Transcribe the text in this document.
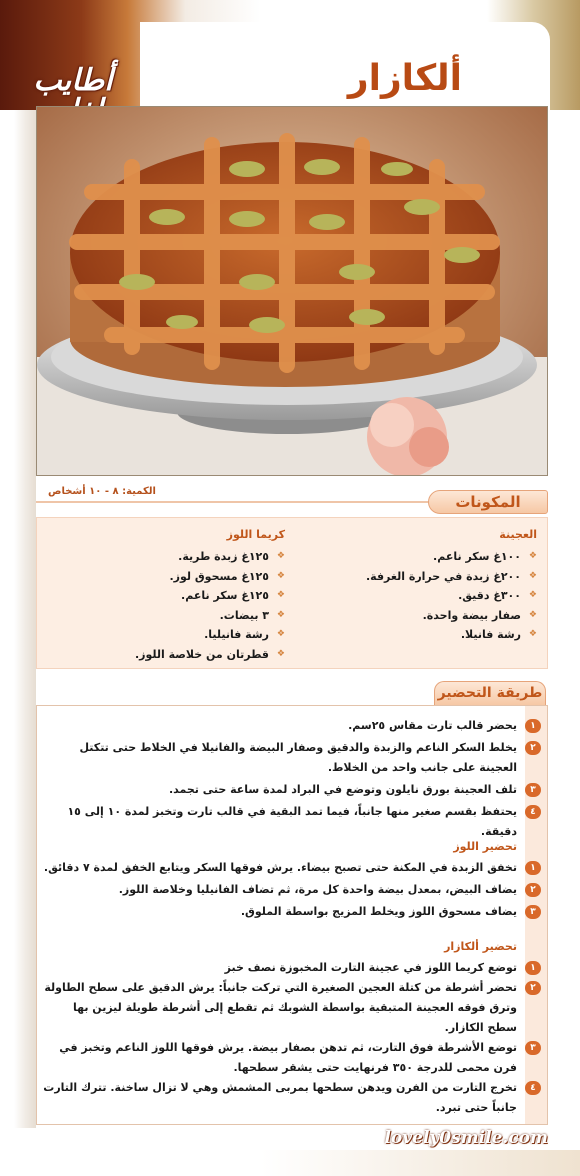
أطايب	ألكازار
الكمية: ٨ - ١٠ أشخاص
المكونات
العجينة
❖
١٠٠غ سكر ناعم.
❖
٢٠٠غ زبدة في حرارة الغرفة.
❖
٣٠٠غ دقيق.
❖
صفار بيضة واحدة.
❖
رشة فانيلا.
كريما اللوز
❖
١٢٥غ زبدة طرية.
❖
١٢٥غ مسحوق لوز.
❖
١٢٥غ سكر ناعم.
❖
٣ بيضات.
❖
رشة فانيليا.
❖
قطرتان من خلاصة اللوز.
طريقة التحضير
١
يحضر قالب تارت مقاس ٢٥سم.
٢
يخلط السكر الناعم والزبدة والدقيق وصفار البيضة والفانيلا في الخلاط حتى تتكتل العجينة على جانب واحد من الخلاط.
٣
تلف العجينة بورق نايلون وتوضع في البراد لمدة ساعة حتى تجمد.
٤
يحتفظ بقسم صغير منها جانباً، فيما تمد البقية في قالب تارت وتخبز لمدة ١٠ إلى ١٥ دقيقة.
تحضير اللوز
١
تخفق الزبدة في المكنة حتى تصبح بيضاء. يرش فوقها السكر ويتابع الخفق لمدة ٧ دقائق.
٢
يضاف البيض، بمعدل بيضة واحدة كل مرة، ثم تضاف الفانيليا وخلاصة اللوز.
٣
يضاف مسحوق اللوز ويخلط المزيج بواسطة الملوق.
تحضير ألكازار
١
توضع كريما اللوز في عجينة التارت المخبوزة نصف خبز
٢
تحضر أشرطة من كتلة العجين الصغيرة التي تركت جانباً: يرش الدقيق على سطح الطاولة وترق فوقه العجينة المتبقية بواسطة الشوبك ثم تقطع إلى أشرطة طويلة ليزين بها سطح الكازار.
٣
توضع الأشرطة فوق التارت، ثم تدهن بصفار بيضة. يرش فوقها اللوز الناعم وتخبز في فرن محمى للدرجة ٣٥٠ فرنهايت حتى يشقر سطحها.
٤
تخرج التارت من الفرن ويدهن سطحها بمربى المشمش وهي لا تزال ساخنة. تترك التارت جانباً حتى تبرد.
lovely0smile.com
